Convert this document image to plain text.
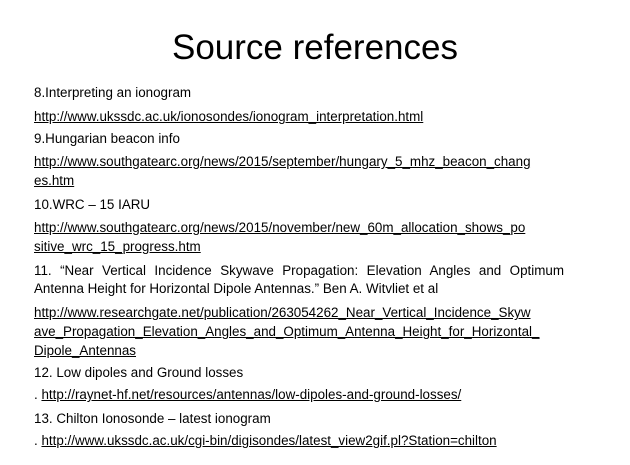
Source references
8.Interpreting an ionogram
http://www.ukssdc.ac.uk/ionosondes/ionogram_interpretation.html
9.Hungarian beacon info
http://www.southgatearc.org/news/2015/september/hungary_5_mhz_beacon_chang
es.htm
10.WRC – 15 IARU
http://www.southgatearc.org/news/2015/november/new_60m_allocation_shows_po
sitive_wrc_15_progress.htm
11. “Near Vertical Incidence Skywave Propagation: Elevation Angles and Optimum
Antenna Height for Horizontal Dipole Antennas.” Ben A. Witvliet et al
http://www.researchgate.net/publication/263054262_Near_Vertical_Incidence_Skyw
ave_Propagation_Elevation_Angles_and_Optimum_Antenna_Height_for_Horizontal_
Dipole_Antennas
12. Low dipoles and Ground losses
. http://raynet-hf.net/resources/antennas/low-dipoles-and-ground-losses/
13. Chilton Ionosonde – latest ionogram
. http://www.ukssdc.ac.uk/cgi-bin/digisondes/latest_view2gif.pl?Station=chilton
